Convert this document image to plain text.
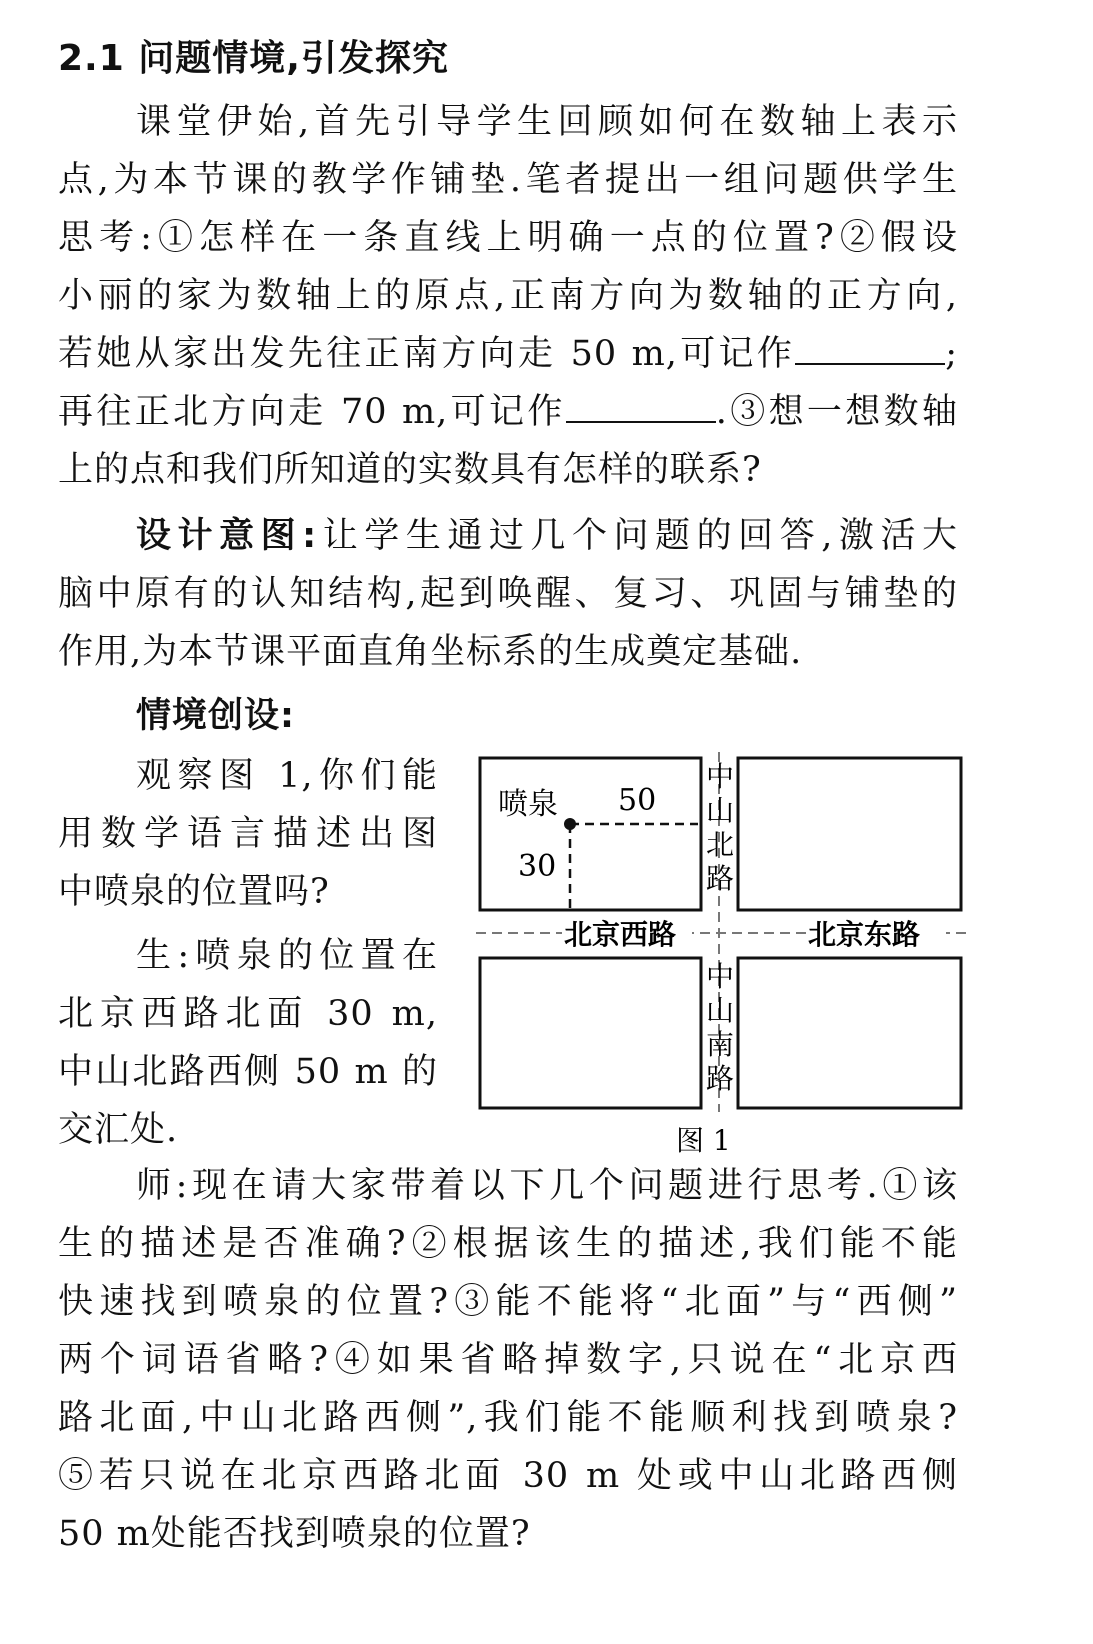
2.1 问题情境,引发探究
课堂伊始,首先引导学生回顾如何在数轴上表示
点,为本节课的教学作铺垫.笔者提出一组问题供学生
思考:①怎样在一条直线上明确一点的位置?②假设
小丽的家为数轴上的原点,正南方向为数轴的正方向,
若她从家出发先往正南方向走 50 m,可记作	;
再往正北方向走 70 m,可记作	.③想一想数轴
上的点和我们所知道的实数具有怎样的联系?
设计意图:让学生通过几个问题的回答,激活大
脑中原有的认知结构,起到唤醒、复习、巩固与铺垫的
作用,为本节课平面直角坐标系的生成奠定基础.
情境创设:
观察图 1,你们能
用数学语言描述出图
中喷泉的位置吗?
生:喷泉的位置在
北京西路北面 30 m,
中山北路西侧 50 m 的
交汇处.
喷泉 50
30
中
山
北
路
中
山
南
路
北京西路	北京东路
图 1
师:现在请大家带着以下几个问题进行思考.①该
生的描述是否准确?②根据该生的描述,我们能不能
快速找到喷泉的位置?③能不能将“北面”与“西侧”
两个词语省略?④如果省略掉数字,只说在“北京西
路北面,中山北路西侧”,我们能不能顺利找到喷泉?
⑤若只说在北京西路北面 30 m 处或中山北路西侧
50 m处能否找到喷泉的位置?
